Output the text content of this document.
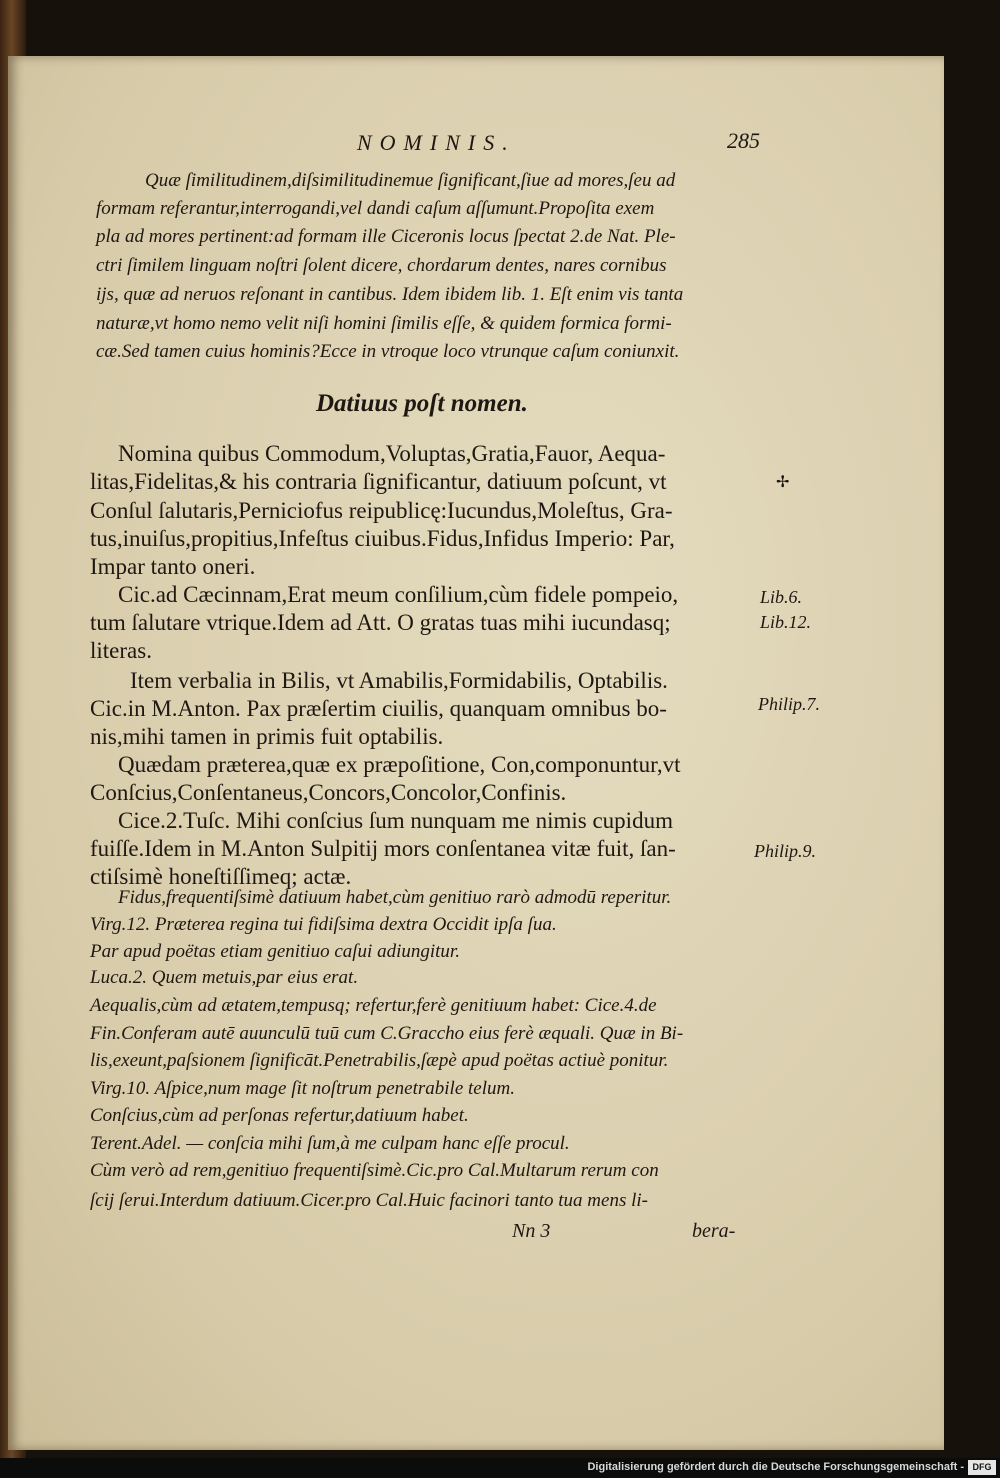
NOMINIS.	285
Quæ ſimilitudinem,diſsimilitudinemue ſignificant,ſiue ad mores,ſeu ad
formam referantur,interrogandi,vel dandi caſum aſſumunt.Propoſita exem
pla ad mores pertinent:ad formam ille Ciceronis locus ſpectat 2.de Nat. Ple-
ctri ſimilem linguam noſtri ſolent dicere, chordarum dentes, nares cornibus
ijs, quæ ad neruos reſonant in cantibus. Idem ibidem lib. 1. Eſt enim vis tanta
naturæ,vt homo nemo velit niſi homini ſimilis eſſe, & quidem formica formi-
cæ.Sed tamen cuius hominis?Ecce in vtroque loco vtrunque caſum coniunxit.
Datiuus poſt nomen.
Nomina quibus Commodum,Voluptas,Gratia,Fauor, Aequa-
litas,Fidelitas,& his contraria ſignificantur, datiuum poſcunt, vt
Conſul ſalutaris,Perniciofus reipublicę:Iucundus,Moleſtus, Gra-
tus,inuiſus,propitius,Infeſtus ciuibus.Fidus,Infidus Imperio: Par,
Impar tanto oneri.
Cic.ad Cæcinnam,Erat meum conſilium,cùm fidele pompeio,
tum ſalutare vtrique.Idem ad Att. O gratas tuas mihi iucundasq;
literas.
Item verbalia in Bilis, vt Amabilis,Formidabilis, Optabilis.
Cic.in M.Anton. Pax præſertim ciuilis, quanquam omnibus bo-
nis,mihi tamen in primis fuit optabilis.
Quædam præterea,quæ ex præpoſitione, Con,componuntur,vt
Conſcius,Conſentaneus,Concors,Concolor,Confinis.
Cice.2.Tuſc. Mihi conſcius ſum nunquam me nimis cupidum
fuiſſe.Idem in M.Anton Sulpitij mors conſentanea vitæ fuit, ſan-
ctiſsimè honeſtiſſimeq; actæ.
Lib.6.
Lib.12.
Philip.7.
Philip.9.
✢
Fidus,frequentiſsimè datiuum habet,cùm genitiuo rarò admodū reperitur.
Virg.12. Præterea regina tui fidiſsima dextra Occidit ipſa ſua.
Par apud poëtas etiam genitiuo caſui adiungitur.
Luca.2. Quem metuis,par eius erat.
Aequalis,cùm ad ætatem,tempusq; refertur,ferè genitiuum habet: Cice.4.de
Fin.Conferam autē auunculū tuū cum C.Graccho eius ferè æquali. Quæ in Bi-
lis,exeunt,paſsionem ſignificāt.Penetrabilis,ſæpè apud poëtas actiuè ponitur.
Virg.10. Aſpice,num mage ſit noſtrum penetrabile telum.
Conſcius,cùm ad perſonas refertur,datiuum habet.
Terent.Adel. — conſcia mihi ſum,à me culpam hanc eſſe procul.
Cùm verò ad rem,genitiuo frequentiſsimè.Cic.pro Cal.Multarum rerum con
ſcij ſerui.Interdum datiuum.Cicer.pro Cal.Huic facinori tanto tua mens li-
Nn 3	bera-
Digitalisierung gefördert durch die Deutsche Forschungsgemeinschaft - DFG
